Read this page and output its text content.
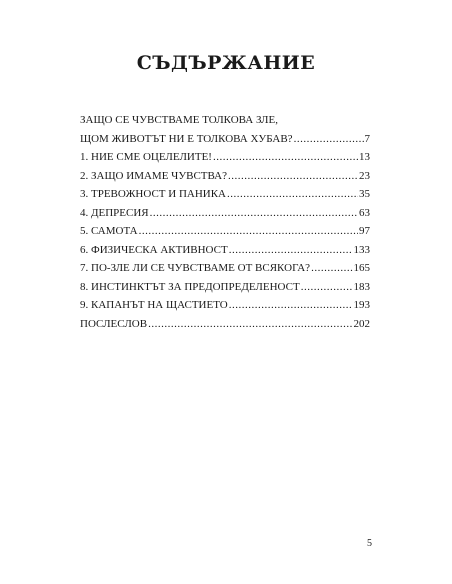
СЪДЪРЖАНИЕ
ЗАЩО СЕ ЧУВСТВАМЕ ТОЛКОВА ЗЛЕ,
ЩОМ ЖИВОТЪТ НИ Е ТОЛКОВА ХУБАВ? .....	7
1. НИЕ СМЕ ОЦЕЛЕЛИТЕ! .....	13
2. ЗАЩО ИМАМЕ ЧУВСТВА? .....	23
3. ТРЕВОЖНОСТ И ПАНИКА .....	35
4. ДЕПРЕСИЯ .....	63
5. САМОТА .....	97
6. ФИЗИЧЕСКА АКТИВНОСТ .....	133
7. ПО-ЗЛЕ ЛИ СЕ ЧУВСТВАМЕ ОТ ВСЯКОГА? .....	165
8. ИНСТИНКТЪТ ЗА ПРЕДОПРЕДЕЛЕНОСТ .....	183
9. КАПАНЪТ НА ЩАСТИЕТО .....	193
ПОСЛЕСЛОВ .....	202
5
